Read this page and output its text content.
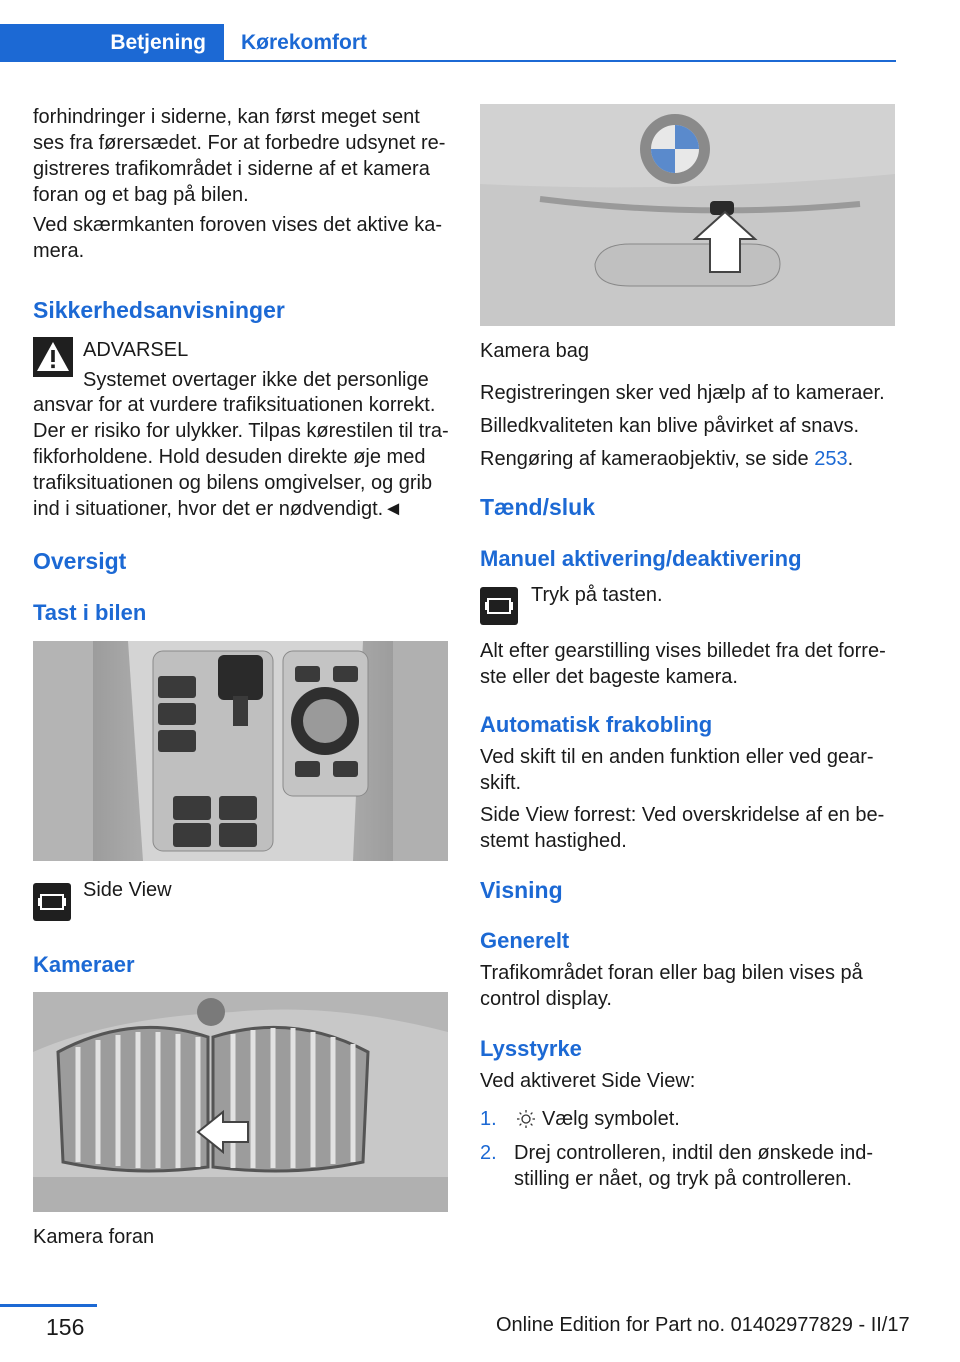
Betjening	Kørekomfort

forhindringer i siderne, kan først meget sent ses fra førersædet. For at forbedre udsynet registreres trafikområdet i siderne af et kamera foran og et bag på bilen.

Ved skærmkanten foroven vises det aktive kamera.

Sikkerhedsanvisninger

ADVARSEL

Systemet overtager ikke det personlige

ansvar for at vurdere trafiksituationen korrekt. Der er risiko for ulykker. Tilpas kørestilen til trafikforholdene. Hold desuden direkte øje med trafiksituationen og bilens omgivelser, og grib ind i situationer, hvor det er nødvendigt.◄

Oversigt
Tast i bilen

Side View

Kameraer

Kamera foran

Kamera bag

Registreringen sker ved hjælp af to kameraer.

Billedkvaliteten kan blive påvirket af snavs.

Rengøring af kameraobjektiv, se side 253.

Tænd/sluk
Manuel aktivering/deaktivering

Tryk på tasten.

Alt efter gearstilling vises billedet fra det forreste eller det bageste kamera.

Automatisk frakobling

Ved skift til en anden funktion eller ved gearskift.

Side View forrest: Ved overskridelse af en bestemt hastighed.

Visning
Generelt

Trafikområdet foran eller bag bilen vises på control display.

Lysstyrke

Ved aktiveret Side View:

1. Vælg symbolet.

2. Drej controlleren, indtil den ønskede indstilling er nået, og tryk på controlleren.

156	Online Edition for Part no. 01402977829 - II/17
